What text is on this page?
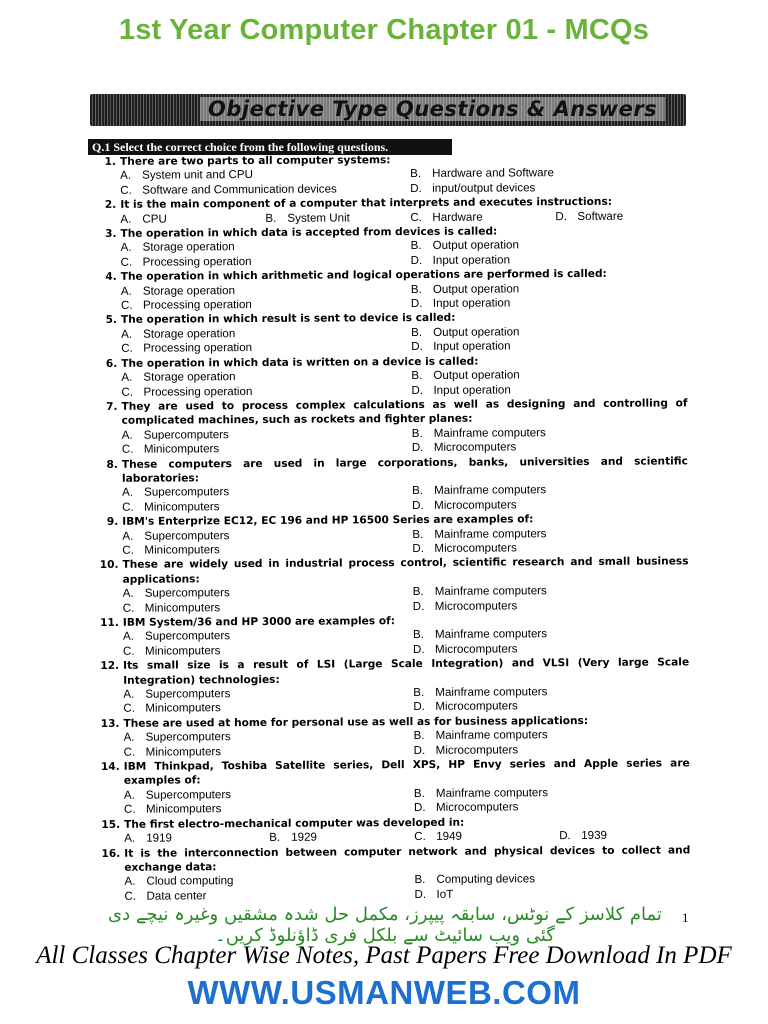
1st Year Computer Chapter 01 - MCQs
Objective Type Questions & Answers
Q.1 Select the correct choice from the following questions.
1. There are two parts to all computer systems:
A. System unit and CPU	B. Hardware and Software
C. Software and Communication devices	D. input/output devices
2. It is the main component of a computer that interprets and executes instructions:
A. CPU	B. System Unit	C. Hardware	D. Software
3. The operation in which data is accepted from devices is called:
A. Storage operation	B. Output operation
C. Processing operation	D. Input operation
4. The operation in which arithmetic and logical operations are performed is called:
A. Storage operation	B. Output operation
C. Processing operation	D. Input operation
5. The operation in which result is sent to device is called:
A. Storage operation	B. Output operation
C. Processing operation	D. Input operation
6. The operation in which data is written on a device is called:
A. Storage operation	B. Output operation
C. Processing operation	D. Input operation
7. They are used to process complex calculations as well as designing and controlling of complicated machines, such as rockets and fighter planes:
A. Supercomputers	B. Mainframe computers
C. Minicomputers	D. Microcomputers
8. These computers are used in large corporations, banks, universities and scientific laboratories:
A. Supercomputers	B. Mainframe computers
C. Minicomputers	D. Microcomputers
9. IBM's Enterprize EC12, EC 196 and HP 16500 Series are examples of:
A. Supercomputers	B. Mainframe computers
C. Minicomputers	D. Microcomputers
10. These are widely used in industrial process control, scientific research and small business applications:
A. Supercomputers	B. Mainframe computers
C. Minicomputers	D. Microcomputers
11. IBM System/36 and HP 3000 are examples of:
A. Supercomputers	B. Mainframe computers
C. Minicomputers	D. Microcomputers
12. Its small size is a result of LSI (Large Scale Integration) and VLSI (Very large Scale Integration) technologies:
A. Supercomputers	B. Mainframe computers
C. Minicomputers	D. Microcomputers
13. These are used at home for personal use as well as for business applications:
A. Supercomputers	B. Mainframe computers
C. Minicomputers	D. Microcomputers
14. IBM Thinkpad, Toshiba Satellite series, Dell XPS, HP Envy series and Apple series are examples of:
A. Supercomputers	B. Mainframe computers
C. Minicomputers	D. Microcomputers
15. The first electro-mechanical computer was developed in:
A. 1919	B. 1929	C. 1949	D. 1939
16. It is the interconnection between computer network and physical devices to collect and exchange data:
A. Cloud computing	B. Computing devices
C. Data center	D. IoT
تمام کلاسز کے نوٹس، سابقہ پیپرز، مکمل حل شدہ مشقیں وغیرہ نیچے دی گئی ویب سائیٹ سے بلکل فری ڈاؤنلوڈ کریں۔
1
All Classes Chapter Wise Notes, Past Papers Free Download In PDF
WWW.USMANWEB.COM
